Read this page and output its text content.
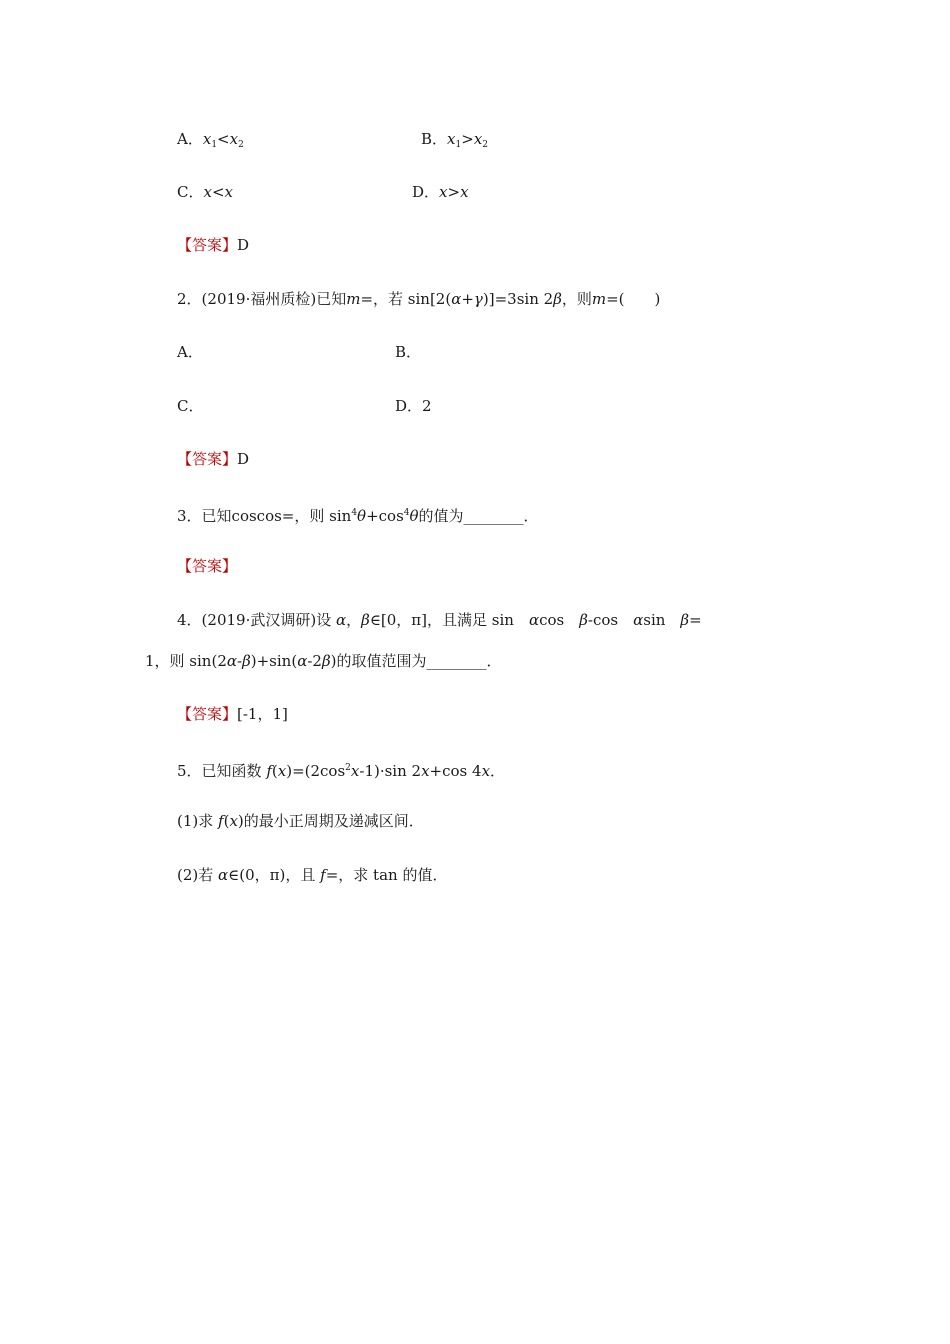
A．$x_1<x_2$	B．$x_1>x_2$
C．x<x	D．x>x
【答案】D
2．(2019·福州质检)已知m=，若 sin[2(α+γ)]=3sin 2β，则m=(　　)
A．	B．
C．	D．2
【答案】D
3．已知coscos=，则 $\sin^4\theta+\cos^4\theta$的值为________．
【答案】
4．(2019·武汉调研)设 α，β∈[0，π]，且满足 sin　αcos　β-cos　αsin　β=
1，则 sin(2α-β)+sin(α-2β)的取值范围为________．
【答案】[-1，1]
5．已知函数 $f(x)=(2\cos^2x-1)\cdot\sin$ 2x+cos 4x．
(1)求 f(x)的最小正周期及递减区间．
(2)若 α∈(0，π)，且 f=，求 tan 的值．
